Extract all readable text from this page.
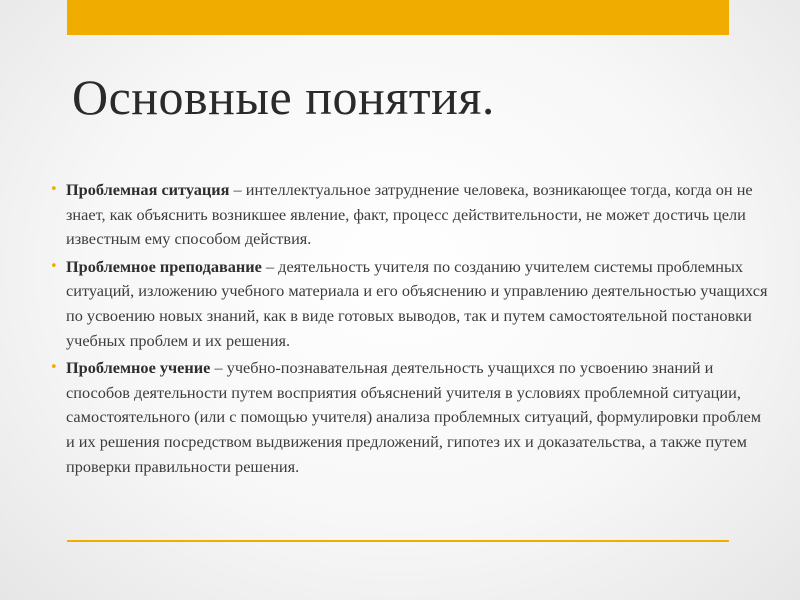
Основные понятия.
• Проблемная ситуация – интеллектуальное затруднение человека, возникающее тогда, когда он не знает, как объяснить возникшее явление, факт, процесс действительности, не может достичь цели известным ему способом действия.
• Проблемное преподавание – деятельность учителя по созданию учителем системы проблемных ситуаций, изложению учебного материала и его объяснению и управлению деятельностью учащихся по усвоению новых знаний, как в виде готовых выводов, так и путем самостоятельной постановки учебных проблем и их решения.
• Проблемное учение – учебно-познавательная деятельность учащихся по усвоению знаний и способов деятельности путем восприятия объяснений учителя в условиях проблемной ситуации, самостоятельного (или с помощью учителя) анализа проблемных ситуаций, формулировки проблем и их решения посредством выдвижения предложений, гипотез их и доказательства, а также путем проверки правильности решения.
